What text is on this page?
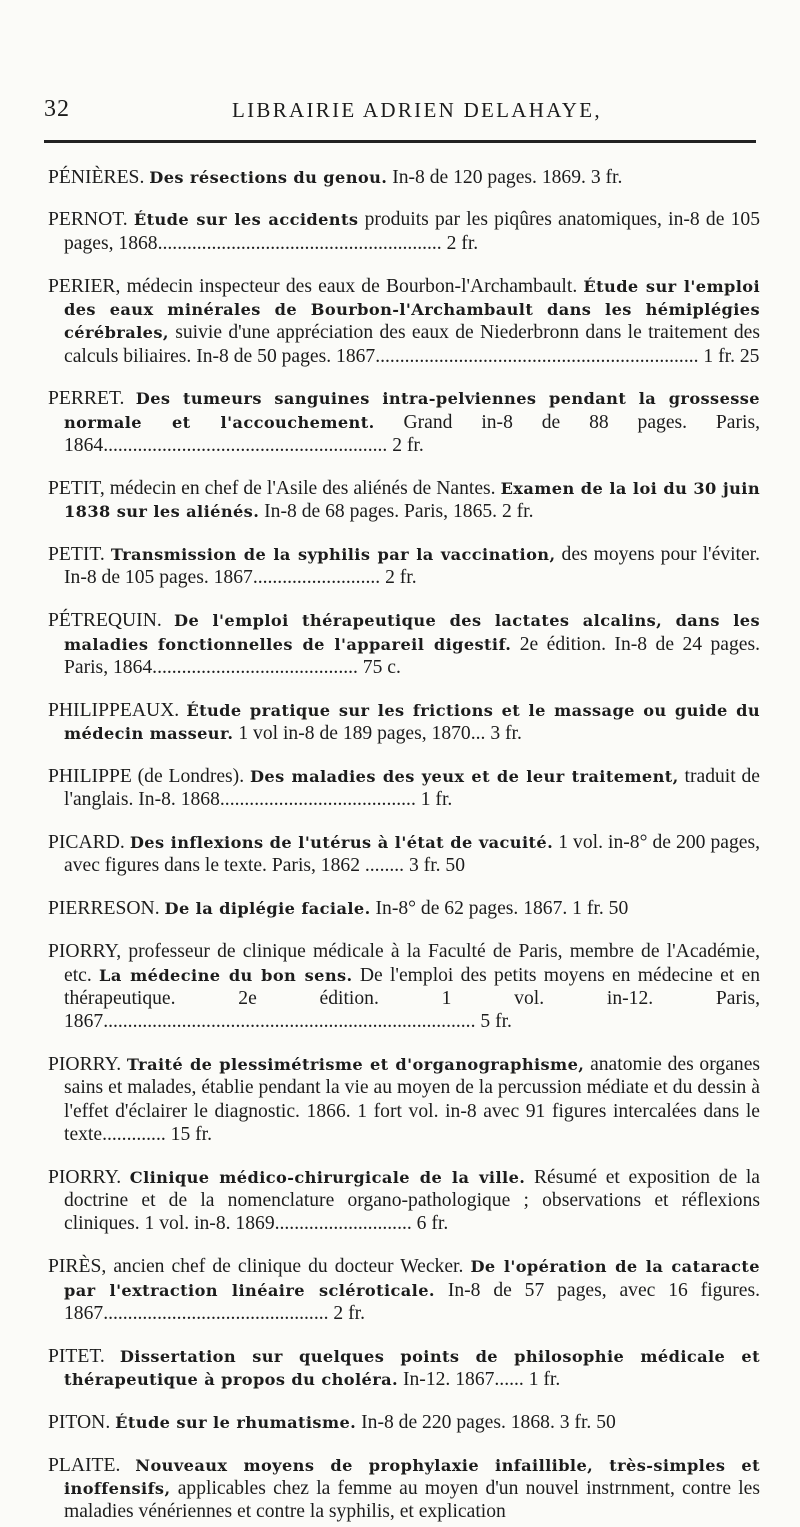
32	LIBRAIRIE ADRIEN DELAHAYE,

PÉNIÈRES. Des résections du genou. In-8 de 120 pages. 1869. 3 fr.

PERNOT. Étude sur les accidents produits par les piqûres anatomiques, in-8 de 105 pages, 1868.......................................................... 2 fr.

PERIER, médecin inspecteur des eaux de Bourbon-l'Archambault. Étude sur l'emploi des eaux minérales de Bourbon-l'Archambault dans les hémiplégies cérébrales, suivie d'une appréciation des eaux de Niederbronn dans le traitement des calculs biliaires. In-8 de 50 pages. 1867.................................................................. 1 fr. 25

PERRET. Des tumeurs sanguines intra-pelviennes pendant la grossesse normale et l'accouchement. Grand in-8 de 88 pages. Paris, 1864.......................................................... 2 fr.

PETIT, médecin en chef de l'Asile des aliénés de Nantes. Examen de la loi du 30 juin 1838 sur les aliénés. In-8 de 68 pages. Paris, 1865. 2 fr.

PETIT. Transmission de la syphilis par la vaccination, des moyens pour l'éviter. In-8 de 105 pages. 1867.......................... 2 fr.

PÉTREQUIN. De l'emploi thérapeutique des lactates alcalins, dans les maladies fonctionnelles de l'appareil digestif. 2e édition. In-8 de 24 pages. Paris, 1864.......................................... 75 c.

PHILIPPEAUX. Étude pratique sur les frictions et le massage ou guide du médecin masseur. 1 vol in-8 de 189 pages, 1870... 3 fr.

PHILIPPE (de Londres). Des maladies des yeux et de leur traitement, traduit de l'anglais. In-8. 1868........................................ 1 fr.

PICARD. Des inflexions de l'utérus à l'état de vacuité. 1 vol. in-8° de 200 pages, avec figures dans le texte. Paris, 1862 ........ 3 fr. 50

PIERRESON. De la diplégie faciale. In-8° de 62 pages. 1867. 1 fr. 50

PIORRY, professeur de clinique médicale à la Faculté de Paris, membre de l'Académie, etc. La médecine du bon sens. De l'emploi des petits moyens en médecine et en thérapeutique. 2e édition. 1 vol. in-12. Paris, 1867............................................................................ 5 fr.

PIORRY. Traité de plessimétrisme et d'organographisme, anatomie des organes sains et malades, établie pendant la vie au moyen de la percussion médiate et du dessin à l'effet d'éclairer le diagnostic. 1866. 1 fort vol. in-8 avec 91 figures intercalées dans le texte............. 15 fr.

PIORRY. Clinique médico-chirurgicale de la ville. Résumé et exposition de la doctrine et de la nomenclature organo-pathologique ; observations et réflexions cliniques. 1 vol. in-8. 1869............................ 6 fr.

PIRÈS, ancien chef de clinique du docteur Wecker. De l'opération de la cataracte par l'extraction linéaire scléroticale. In-8 de 57 pages, avec 16 figures. 1867.............................................. 2 fr.

PITET. Dissertation sur quelques points de philosophie médicale et thérapeutique à propos du choléra. In-12. 1867...... 1 fr.

PITON. Étude sur le rhumatisme. In-8 de 220 pages. 1868. 3 fr. 50

PLAITE. Nouveaux moyens de prophylaxie infaillible, très-simples et inoffensifs, applicables chez la femme au moyen d'un nouvel instrnment, contre les maladies vénériennes et contre la syphilis, et explication
